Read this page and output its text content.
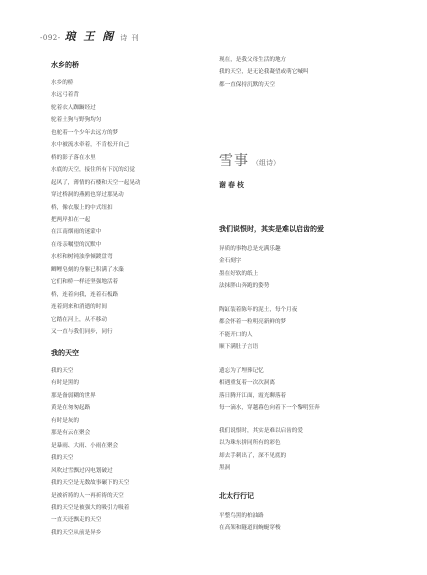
-092- 琅 王 阁 诗 刊
水乡的桥
水乡的桥
水远弓着背
驼着衣人踟蹰经过
驼着土狗与野狗均匀
也驼着一个少年去远方的梦
水中被流水牵着，不肯松开自己
桥的影子落在水里
水底的天空，接住所有下沉的幻觉
起风了，薄情的石楼和天空一起晃动
穿过桥洞的燕鸥也穿过那晃动
桥，像衣服上的中式纽扣
把两岸扣在一起
在江南烟雨的迷蒙中
在母亲嘱望的沉默中
水杉和树钝浊拳倾踱盘弯
鲫鲤皂刻的身躯已积满了水藻
它们和桥一样还坚强地活着
桥，连着向我，连着石板路
连着到来和消逝的时间
它踏在河上，从不移动
又一直与我们同步，同行
我的天空
我的天空
有时是黑的
那是备弱糊的世界
黄是在匆匆起路
有时是灰的
那是有云在聚会
是暴雨、大雨、小雨在聚会
我的天空
风吹过雪飘过闪电划破过
我的天空是无数故事碾下的天空
是被祈祷的人一再祈祷的天空
我的天空是被强大的吸引力吸着
一直天还飘走的天空
我的天空从前是异乡
现在，是我父母生活的地方
我的天空，是无论我凝望或萌它喊叫
都一直保持沉默的天空
雪事 （组诗）
谢春枝
我们说恨时，其实是难以启齿的爱
异质的事物总是充满乐趣
金石刻字
墨在好软的纸上
法抹胖山奔跑的姿势
陶缸装着陈年的泥土，每个月夜
都会怀着一粒明亮新鲜的梦
不能开口的人
顺下满肚子言语
遗忘为了埋葬记忆
相遇重复着一次次洞离
落日腾开江面，霞光聊落着
每一滴水，穿越暮色向着下一个黎明狂奔
我们说恨时，其实是难以启齿的爱
以为珠东拼同所有的彩色
却去手刺出了，深不见底的
黑洞
北太行行记
平整鸟黑的柏油路
在高架和隧道间蜿蜒穿梭
